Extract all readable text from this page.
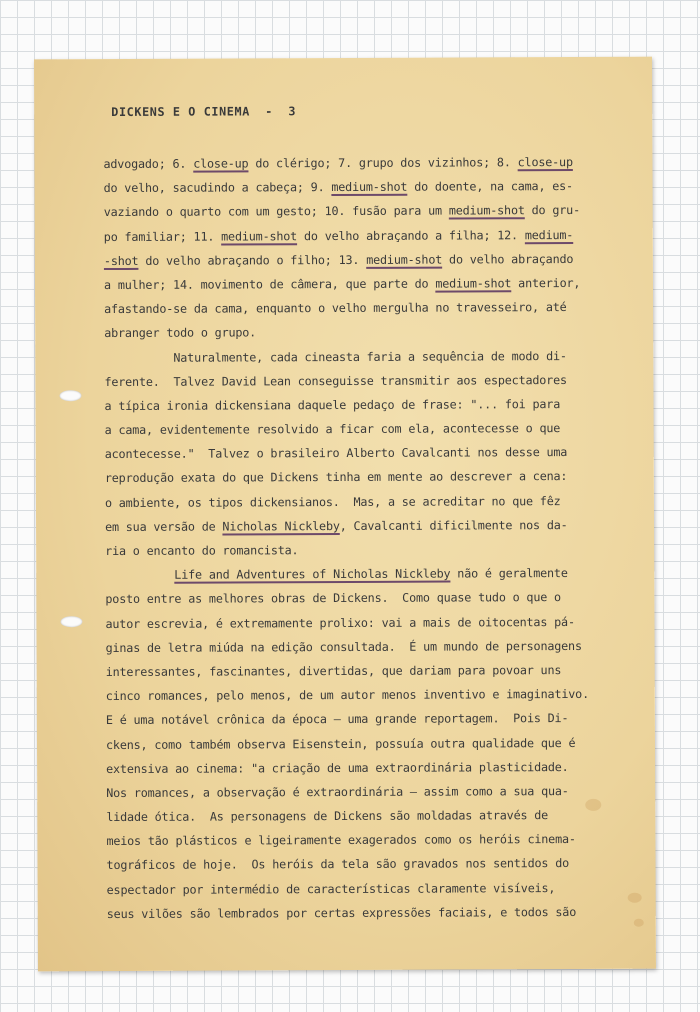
DICKENS E O CINEMA  -  3
advogado; 6. close-up do clérigo; 7. grupo dos vizinhos; 8. close-up
do velho, sacudindo a cabeça; 9. medium-shot do doente, na cama, es-
vaziando o quarto com um gesto; 10. fusão para um medium-shot do gru-
po familiar; 11. medium-shot do velho abraçando a filha; 12. medium-
-shot do velho abraçando o filho; 13. medium-shot do velho abraçando
a mulher; 14. movimento de câmera, que parte do medium-shot anterior,
afastando-se da cama, enquanto o velho mergulha no travesseiro, até
abranger todo o grupo.
Naturalmente, cada cineasta faria a sequência de modo di-
ferente.  Talvez David Lean conseguisse transmitir aos espectadores
a típica ironia dickensiana daquele pedaço de frase: "... foi para
a cama, evidentemente resolvido a ficar com ela, acontecesse o que
acontecesse."  Talvez o brasileiro Alberto Cavalcanti nos desse uma
reprodução exata do que Dickens tinha em mente ao descrever a cena:
o ambiente, os tipos dickensianos.  Mas, a se acreditar no que fêz
em sua versão de Nicholas Nickleby, Cavalcanti dificilmente nos da-
ria o encanto do romancista.
Life and Adventures of Nicholas Nickleby não é geralmente
posto entre as melhores obras de Dickens.  Como quase tudo o que o
autor escrevia, é extremamente prolixo: vai a mais de oitocentas pá-
ginas de letra miúda na edição consultada.  É um mundo de personagens
interessantes, fascinantes, divertidas, que dariam para povoar uns
cinco romances, pelo menos, de um autor menos inventivo e imaginativo.
E é uma notável crônica da época — uma grande reportagem.  Pois Di-
ckens, como também observa Eisenstein, possuía outra qualidade que é
extensiva ao cinema: "a criação de uma extraordinária plasticidade.
Nos romances, a observação é extraordinária — assim como a sua qua-
lidade ótica.  As personagens de Dickens são moldadas através de
meios tão plásticos e ligeiramente exagerados como os heróis cinema-
tográficos de hoje.  Os heróis da tela são gravados nos sentidos do
espectador por intermédio de características claramente visíveis,
seus vilões são lembrados por certas expressões faciais, e todos são
